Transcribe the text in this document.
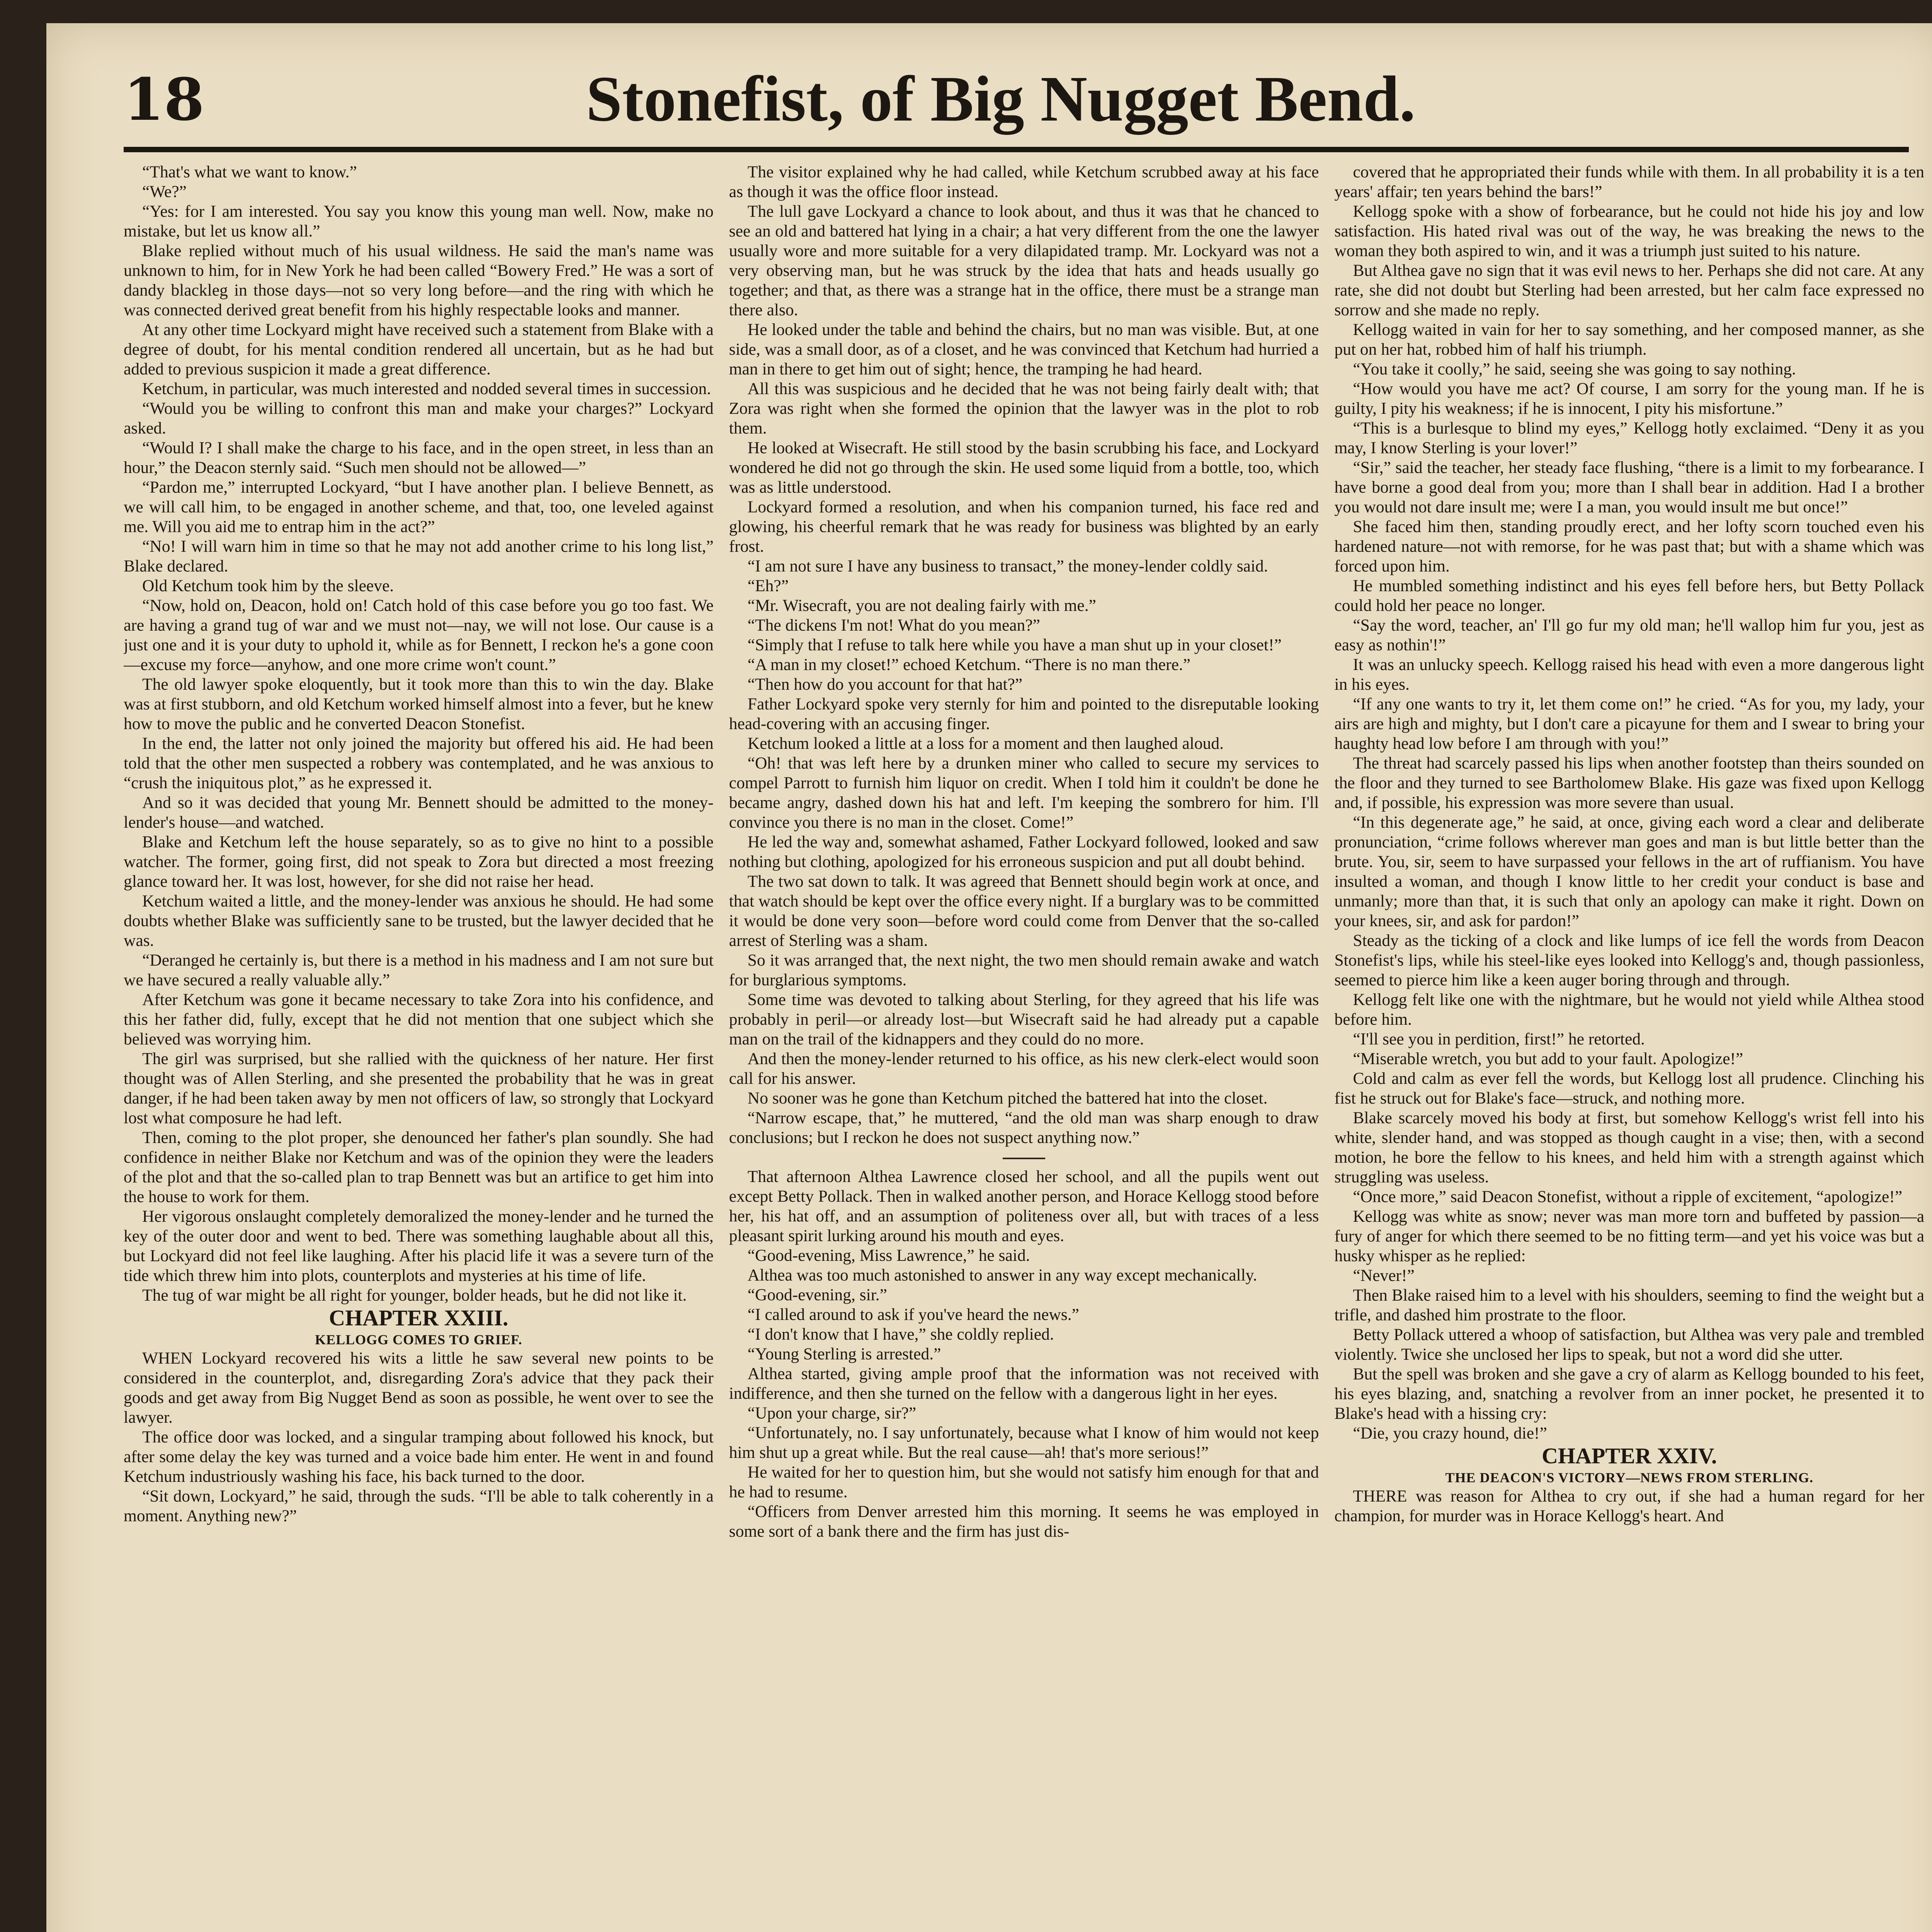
18	Stonefist, of Big Nugget Bend.

“That's what we want to know.”

“We?”

“Yes: for I am interested. You say you know this young man well. Now, make no mistake, but let us know all.”

Blake replied without much of his usual wildness. He said the man's name was unknown to him, for in New York he had been called “Bowery Fred.” He was a sort of dandy blackleg in those days—not so very long before—and the ring with which he was connected derived great benefit from his highly respectable looks and manner.

At any other time Lockyard might have received such a statement from Blake with a degree of doubt, for his mental condition rendered all uncertain, but as he had but added to previous suspicion it made a great difference.

Ketchum, in particular, was much interested and nodded several times in succession.

“Would you be willing to confront this man and make your charges?” Lockyard asked.

“Would I? I shall make the charge to his face, and in the open street, in less than an hour,” the Deacon sternly said. “Such men should not be allowed—”

“Pardon me,” interrupted Lockyard, “but I have another plan. I believe Bennett, as we will call him, to be engaged in another scheme, and that, too, one leveled against me. Will you aid me to entrap him in the act?”

“No! I will warn him in time so that he may not add another crime to his long list,” Blake declared.

Old Ketchum took him by the sleeve.

“Now, hold on, Deacon, hold on! Catch hold of this case before you go too fast. We are having a grand tug of war and we must not—nay, we will not lose. Our cause is a just one and it is your duty to uphold it, while as for Bennett, I reckon he's a gone coon—excuse my force—anyhow, and one more crime won't count.”

The old lawyer spoke eloquently, but it took more than this to win the day. Blake was at first stubborn, and old Ketchum worked himself almost into a fever, but he knew how to move the public and he converted Deacon Stonefist.

In the end, the latter not only joined the majority but offered his aid. He had been told that the other men suspected a robbery was contemplated, and he was anxious to “crush the iniquitous plot,” as he expressed it.

And so it was decided that young Mr. Bennett should be admitted to the money-lender's house—and watched.

Blake and Ketchum left the house separately, so as to give no hint to a possible watcher. The former, going first, did not speak to Zora but directed a most freezing glance toward her. It was lost, however, for she did not raise her head.

Ketchum waited a little, and the money-lender was anxious he should. He had some doubts whether Blake was sufficiently sane to be trusted, but the lawyer decided that he was.

“Deranged he certainly is, but there is a method in his madness and I am not sure but we have secured a really valuable ally.”

After Ketchum was gone it became necessary to take Zora into his confidence, and this her father did, fully, except that he did not mention that one subject which she believed was worrying him.

The girl was surprised, but she rallied with the quickness of her nature. Her first thought was of Allen Sterling, and she presented the probability that he was in great danger, if he had been taken away by men not officers of law, so strongly that Lockyard lost what composure he had left.

Then, coming to the plot proper, she denounced her father's plan soundly. She had confidence in neither Blake nor Ketchum and was of the opinion they were the leaders of the plot and that the so-called plan to trap Bennett was but an artifice to get him into the house to work for them.

Her vigorous onslaught completely demoralized the money-lender and he turned the key of the outer door and went to bed. There was something laughable about all this, but Lockyard did not feel like laughing. After his placid life it was a severe turn of the tide which threw him into plots, counterplots and mysteries at his time of life.

The tug of war might be all right for younger, bolder heads, but he did not like it.

CHAPTER XXIII.

KELLOGG COMES TO GRIEF.

WHEN Lockyard recovered his wits a little he saw several new points to be considered in the counterplot, and, disregarding Zora's advice that they pack their goods and get away from Big Nugget Bend as soon as possible, he went over to see the lawyer.

The office door was locked, and a singular tramping about followed his knock, but after some delay the key was turned and a voice bade him enter. He went in and found Ketchum industriously washing his face, his back turned to the door.

“Sit down, Lockyard,” he said, through the suds. “I'll be able to talk coherently in a moment. Anything new?”

The visitor explained why he had called, while Ketchum scrubbed away at his face as though it was the office floor instead.

The lull gave Lockyard a chance to look about, and thus it was that he chanced to see an old and battered hat lying in a chair; a hat very different from the one the lawyer usually wore and more suitable for a very dilapidated tramp. Mr. Lockyard was not a very observing man, but he was struck by the idea that hats and heads usually go together; and that, as there was a strange hat in the office, there must be a strange man there also.

He looked under the table and behind the chairs, but no man was visible. But, at one side, was a small door, as of a closet, and he was convinced that Ketchum had hurried a man in there to get him out of sight; hence, the tramping he had heard.

All this was suspicious and he decided that he was not being fairly dealt with; that Zora was right when she formed the opinion that the lawyer was in the plot to rob them.

He looked at Wisecraft. He still stood by the basin scrubbing his face, and Lockyard wondered he did not go through the skin. He used some liquid from a bottle, too, which was as little understood.

Lockyard formed a resolution, and when his companion turned, his face red and glowing, his cheerful remark that he was ready for business was blighted by an early frost.

“I am not sure I have any business to transact,” the money-lender coldly said.

“Eh?”

“Mr. Wisecraft, you are not dealing fairly with me.”

“The dickens I'm not! What do you mean?”

“Simply that I refuse to talk here while you have a man shut up in your closet!”

“A man in my closet!” echoed Ketchum. “There is no man there.”

“Then how do you account for that hat?”

Father Lockyard spoke very sternly for him and pointed to the disreputable looking head-covering with an accusing finger.

Ketchum looked a little at a loss for a moment and then laughed aloud.

“Oh! that was left here by a drunken miner who called to secure my services to compel Parrott to furnish him liquor on credit. When I told him it couldn't be done he became angry, dashed down his hat and left. I'm keeping the sombrero for him. I'll convince you there is no man in the closet. Come!”

He led the way and, somewhat ashamed, Father Lockyard followed, looked and saw nothing but clothing, apologized for his erroneous suspicion and put all doubt behind.

The two sat down to talk. It was agreed that Bennett should begin work at once, and that watch should be kept over the office every night. If a burglary was to be committed it would be done very soon—before word could come from Denver that the so-called arrest of Sterling was a sham.

So it was arranged that, the next night, the two men should remain awake and watch for burglarious symptoms.

Some time was devoted to talking about Sterling, for they agreed that his life was probably in peril—or already lost—but Wisecraft said he had already put a capable man on the trail of the kidnappers and they could do no more.

And then the money-lender returned to his office, as his new clerk-elect would soon call for his answer.

No sooner was he gone than Ketchum pitched the battered hat into the closet.

“Narrow escape, that,” he muttered, “and the old man was sharp enough to draw conclusions; but I reckon he does not suspect anything now.”

That afternoon Althea Lawrence closed her school, and all the pupils went out except Betty Pollack. Then in walked another person, and Horace Kellogg stood before her, his hat off, and an assumption of politeness over all, but with traces of a less pleasant spirit lurking around his mouth and eyes.

“Good-evening, Miss Lawrence,” he said.

Althea was too much astonished to answer in any way except mechanically.

“Good-evening, sir.”

“I called around to ask if you've heard the news.”

“I don't know that I have,” she coldly replied.

“Young Sterling is arrested.”

Althea started, giving ample proof that the information was not received with indifference, and then she turned on the fellow with a dangerous light in her eyes.

“Upon your charge, sir?”

“Unfortunately, no. I say unfortunately, because what I know of him would not keep him shut up a great while. But the real cause—ah! that's more serious!”

He waited for her to question him, but she would not satisfy him enough for that and he had to resume.

“Officers from Denver arrested him this morning. It seems he was employed in some sort of a bank there and the firm has just dis-

covered that he appropriated their funds while with them. In all probability it is a ten years' affair; ten years behind the bars!”

Kellogg spoke with a show of forbearance, but he could not hide his joy and low satisfaction. His hated rival was out of the way, he was breaking the news to the woman they both aspired to win, and it was a triumph just suited to his nature.

But Althea gave no sign that it was evil news to her. Perhaps she did not care. At any rate, she did not doubt but Sterling had been arrested, but her calm face expressed no sorrow and she made no reply.

Kellogg waited in vain for her to say something, and her composed manner, as she put on her hat, robbed him of half his triumph.

“You take it coolly,” he said, seeing she was going to say nothing.

“How would you have me act? Of course, I am sorry for the young man. If he is guilty, I pity his weakness; if he is innocent, I pity his misfortune.”

“This is a burlesque to blind my eyes,” Kellogg hotly exclaimed. “Deny it as you may, I know Sterling is your lover!”

“Sir,” said the teacher, her steady face flushing, “there is a limit to my forbearance. I have borne a good deal from you; more than I shall bear in addition. Had I a brother you would not dare insult me; were I a man, you would insult me but once!”

She faced him then, standing proudly erect, and her lofty scorn touched even his hardened nature—not with remorse, for he was past that; but with a shame which was forced upon him.

He mumbled something indistinct and his eyes fell before hers, but Betty Pollack could hold her peace no longer.

“Say the word, teacher, an' I'll go fur my old man; he'll wallop him fur you, jest as easy as nothin'!”

It was an unlucky speech. Kellogg raised his head with even a more dangerous light in his eyes.

“If any one wants to try it, let them come on!” he cried. “As for you, my lady, your airs are high and mighty, but I don't care a picayune for them and I swear to bring your haughty head low before I am through with you!”

The threat had scarcely passed his lips when another footstep than theirs sounded on the floor and they turned to see Bartholomew Blake. His gaze was fixed upon Kellogg and, if possible, his expression was more severe than usual.

“In this degenerate age,” he said, at once, giving each word a clear and deliberate pronunciation, “crime follows wherever man goes and man is but little better than the brute. You, sir, seem to have surpassed your fellows in the art of ruffianism. You have insulted a woman, and though I know little to her credit your conduct is base and unmanly; more than that, it is such that only an apology can make it right. Down on your knees, sir, and ask for pardon!”

Steady as the ticking of a clock and like lumps of ice fell the words from Deacon Stonefist's lips, while his steel-like eyes looked into Kellogg's and, though passionless, seemed to pierce him like a keen auger boring through and through.

Kellogg felt like one with the nightmare, but he would not yield while Althea stood before him.

“I'll see you in perdition, first!” he retorted.

“Miserable wretch, you but add to your fault. Apologize!”

Cold and calm as ever fell the words, but Kellogg lost all prudence. Clinching his fist he struck out for Blake's face—struck, and nothing more.

Blake scarcely moved his body at first, but somehow Kellogg's wrist fell into his white, slender hand, and was stopped as though caught in a vise; then, with a second motion, he bore the fellow to his knees, and held him with a strength against which struggling was useless.

“Once more,” said Deacon Stonefist, without a ripple of excitement, “apologize!”

Kellogg was white as snow; never was man more torn and buffeted by passion—a fury of anger for which there seemed to be no fitting term—and yet his voice was but a husky whisper as he replied:

“Never!”

Then Blake raised him to a level with his shoulders, seeming to find the weight but a trifle, and dashed him prostrate to the floor.

Betty Pollack uttered a whoop of satisfaction, but Althea was very pale and trembled violently. Twice she unclosed her lips to speak, but not a word did she utter.

But the spell was broken and she gave a cry of alarm as Kellogg bounded to his feet, his eyes blazing, and, snatching a revolver from an inner pocket, he presented it to Blake's head with a hissing cry:

“Die, you crazy hound, die!”

CHAPTER XXIV.

THE DEACON'S VICTORY—NEWS FROM STERLING.

THERE was reason for Althea to cry out, if she had a human regard for her champion, for murder was in Horace Kellogg's heart. And
